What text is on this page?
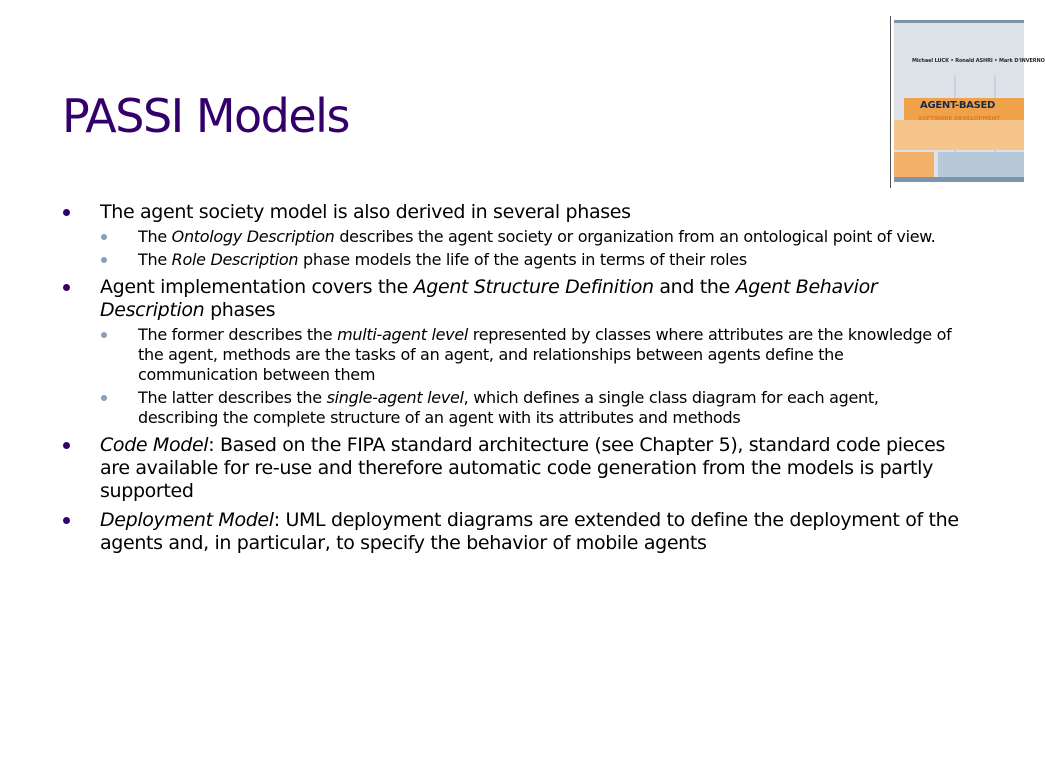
PASSI Models
Michael LUCK • Ronald ASHRI • Mark D'INVERNO
AGENT-BASED
SOFTWARE DEVELOPMENT
The agent society model is also derived in several phases
The Ontology Description describes the agent society or organization from an ontological point of view.
The Role Description phase models the life of the agents in terms of their roles
Agent implementation covers the Agent Structure Definition and the Agent Behavior Description phases
The former describes the multi-agent level represented by classes where attributes are the knowledge of the agent, methods are the tasks of an agent, and relationships between agents define the communication between them
The latter describes the single-agent level, which defines a single class diagram for each agent, describing the complete structure of an agent with its attributes and methods
Code Model: Based on the FIPA standard architecture (see Chapter 5), standard code pieces are available for re-use and therefore automatic code generation from the models is partly supported
Deployment Model: UML deployment diagrams are extended to define the deployment of the agents and, in particular, to specify the behavior of mobile agents
